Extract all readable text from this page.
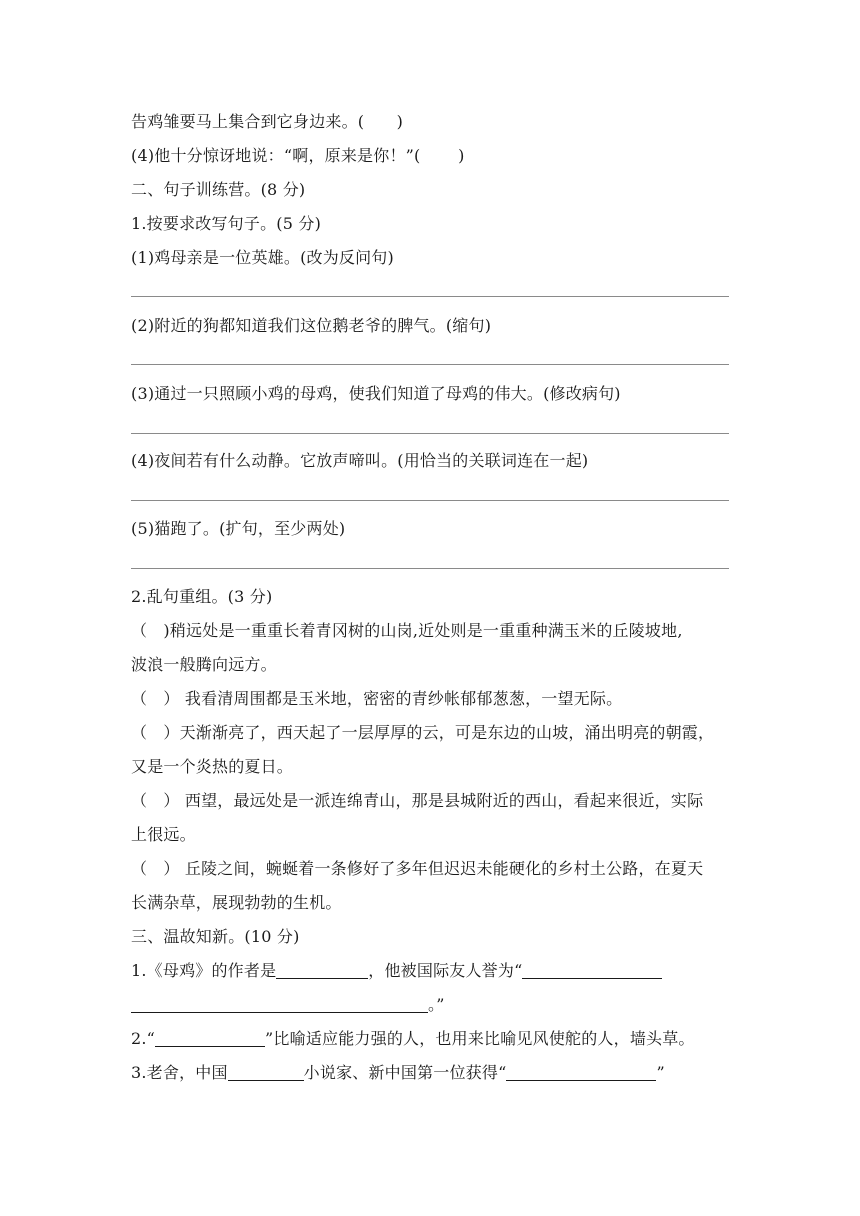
告鸡雏要马上集合到它身边来。(　　)
(4)他十分惊讶地说：“啊，原来是你！”(　　 )
二、句子训练营。(8 分)
1.按要求改写句子。(5 分)
(1)鸡母亲是一位英雄。(改为反问句)
(2)附近的狗都知道我们这位鹅老爷的脾气。(缩句)
(3)通过一只照顾小鸡的母鸡，使我们知道了母鸡的伟大。(修改病句)
(4)夜间若有什么动静。它放声啼叫。(用恰当的关联词连在一起)
(5)猫跑了。(扩句，至少两处)
2.乱句重组。(3 分)
（　)稍远处是一重重长着青冈树的山岗,近处则是一重重种满玉米的丘陵坡地,
波浪一般腾向远方。
（　） 我看清周围都是玉米地，密密的青纱帐郁郁葱葱，一望无际。
（　）天渐渐亮了，西天起了一层厚厚的云，可是东边的山坡，涌出明亮的朝霞，
又是一个炎热的夏日。
（　） 西望，最远处是一派连绵青山，那是县城附近的西山，看起来很近，实际
上很远。
（　） 丘陵之间，蜿蜒着一条修好了多年但迟迟未能硬化的乡村土公路，在夏天
长满杂草，展现勃勃的生机。
三、温故知新。(10 分)
1.《母鸡》的作者是	，他被国际友人誉为“
。”
2.“	”比喻适应能力强的人，也用来比喻见风使舵的人，墙头草。
3.老舍，中国	小说家、新中国第一位获得“	”
